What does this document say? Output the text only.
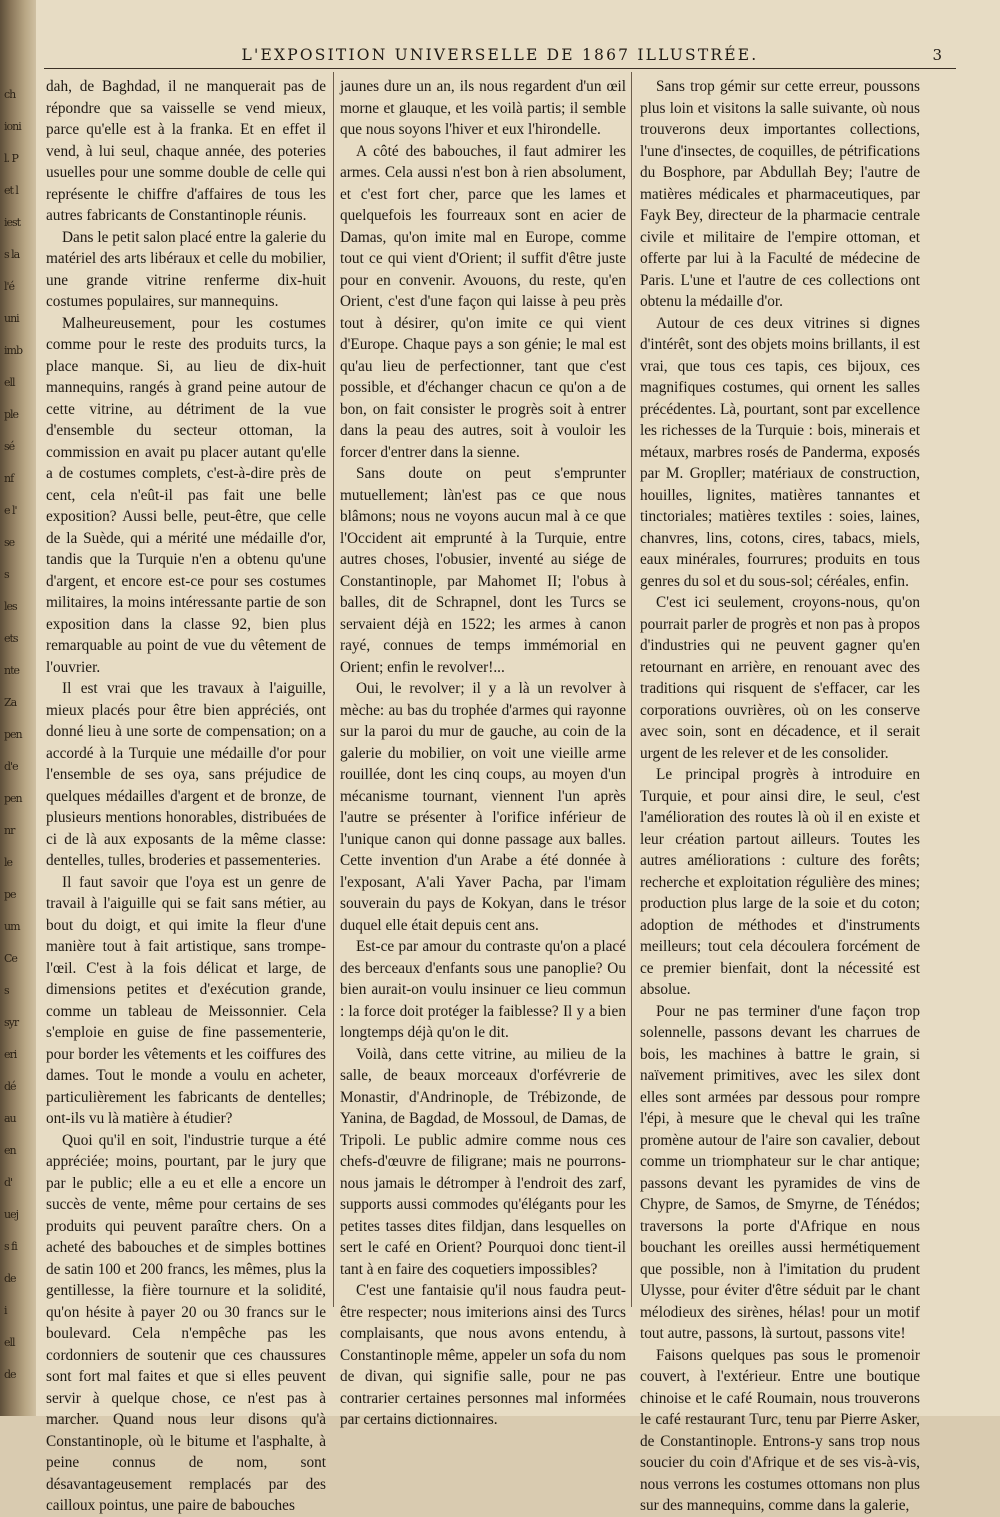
ch
ioni
l. P
et l
iest
s la
l'é
uni
imb
ell
ple
sé
nf
e l'
se
s
les
ets
nte
Za
pen
d'e
pen
nr
le
pe
um
Ce
s
syr
eri
dé
au
en
d'
uej
s fi
de
i
ell
de
L'EXPOSITION UNIVERSELLE DE 1867 ILLUSTRÉE.	3

dah, de Baghdad, il ne manquerait pas de répondre que sa vaisselle se vend mieux, parce qu'elle est à la franka. Et en effet il vend, à lui seul, chaque année, des poteries usuelles pour une somme double de celle qui représente le chiffre d'affaires de tous les autres fabricants de Constantinople réunis.

Dans le petit salon placé entre la galerie du matériel des arts libéraux et celle du mobilier, une grande vitrine renferme dix-huit costumes populaires, sur mannequins.

Malheureusement, pour les costumes comme pour le reste des produits turcs, la place manque. Si, au lieu de dix-huit mannequins, rangés à grand peine autour de cette vitrine, au détriment de la vue d'ensemble du secteur ottoman, la commission en avait pu placer autant qu'elle a de costumes complets, c'est-à-dire près de cent, cela n'eût-il pas fait une belle exposition? Aussi belle, peut-être, que celle de la Suède, qui a mérité une médaille d'or, tandis que la Turquie n'en a obtenu qu'une d'argent, et encore est-ce pour ses costumes militaires, la moins intéressante partie de son exposition dans la classe 92, bien plus remarquable au point de vue du vêtement de l'ouvrier.

Il est vrai que les travaux à l'aiguille, mieux placés pour être bien appréciés, ont donné lieu à une sorte de compensation; on a accordé à la Turquie une médaille d'or pour l'ensemble de ses oya, sans préjudice de quelques médailles d'argent et de bronze, de plusieurs mentions honorables, distribuées de ci de là aux exposants de la même classe: dentelles, tulles, broderies et passementeries.

Il faut savoir que l'oya est un genre de travail à l'aiguille qui se fait sans métier, au bout du doigt, et qui imite la fleur d'une manière tout à fait artistique, sans trompe-l'œil. C'est à la fois délicat et large, de dimensions petites et d'exécution grande, comme un tableau de Meissonnier. Cela s'emploie en guise de fine passementerie, pour border les vêtements et les coiffures des dames. Tout le monde a voulu en acheter, particulièrement les fabricants de dentelles; ont-ils vu là matière à étudier?

Quoi qu'il en soit, l'industrie turque a été appréciée; moins, pourtant, par le jury que par le public; elle a eu et elle a encore un succès de vente, même pour certains de ses produits qui peuvent paraître chers. On a acheté des babouches et de simples bottines de satin 100 et 200 francs, les mêmes, plus la gentillesse, la fière tournure et la solidité, qu'on hésite à payer 20 ou 30 francs sur le boulevard. Cela n'empêche pas les cordonniers de soutenir que ces chaussures sont fort mal faites et que si elles peuvent servir à quelque chose, ce n'est pas à marcher. Quand nous leur disons qu'à Constantinople, où le bitume et l'asphalte, à peine connus de nom, sont désavantageusement remplacés par des cailloux pointus, une paire de babouches

jaunes dure un an, ils nous regardent d'un œil morne et glauque, et les voilà partis; il semble que nous soyons l'hiver et eux l'hirondelle.

A côté des babouches, il faut admirer les armes. Cela aussi n'est bon à rien absolument, et c'est fort cher, parce que les lames et quelquefois les fourreaux sont en acier de Damas, qu'on imite mal en Europe, comme tout ce qui vient d'Orient; il suffit d'être juste pour en convenir. Avouons, du reste, qu'en Orient, c'est d'une façon qui laisse à peu près tout à désirer, qu'on imite ce qui vient d'Europe. Chaque pays a son génie; le mal est qu'au lieu de perfectionner, tant que c'est possible, et d'échanger chacun ce qu'on a de bon, on fait consister le progrès soit à entrer dans la peau des autres, soit à vouloir les forcer d'entrer dans la sienne.

Sans doute on peut s'emprunter mutuellement; làn'est pas ce que nous blâmons; nous ne voyons aucun mal à ce que l'Occident ait emprunté à la Turquie, entre autres choses, l'obusier, inventé au siége de Constantinople, par Mahomet II; l'obus à balles, dit de Schrapnel, dont les Turcs se servaient déjà en 1522; les armes à canon rayé, connues de temps immémorial en Orient; enfin le revolver!...

Oui, le revolver; il y a là un revolver à mèche: au bas du trophée d'armes qui rayonne sur la paroi du mur de gauche, au coin de la galerie du mobilier, on voit une vieille arme rouillée, dont les cinq coups, au moyen d'un mécanisme tournant, viennent l'un après l'autre se présenter à l'orifice inférieur de l'unique canon qui donne passage aux balles. Cette invention d'un Arabe a été donnée à l'exposant, A'ali Yaver Pacha, par l'imam souverain du pays de Kokyan, dans le trésor duquel elle était depuis cent ans.

Est-ce par amour du contraste qu'on a placé des berceaux d'enfants sous une panoplie? Ou bien aurait-on voulu insinuer ce lieu commun : la force doit protéger la faiblesse? Il y a bien longtemps déjà qu'on le dit.

Voilà, dans cette vitrine, au milieu de la salle, de beaux morceaux d'orfévrerie de Monastir, d'Andrinople, de Trébizonde, de Yanina, de Bagdad, de Mossoul, de Damas, de Tripoli. Le public admire comme nous ces chefs-d'œuvre de filigrane; mais ne pourrons-nous jamais le détromper à l'endroit des zarf, supports aussi commodes qu'élégants pour les petites tasses dites fildjan, dans lesquelles on sert le café en Orient? Pourquoi donc tient-il tant à en faire des coquetiers impossibles?

C'est une fantaisie qu'il nous faudra peut-être respecter; nous imiterions ainsi des Turcs complaisants, que nous avons entendu, à Constantinople même, appeler un sofa du nom de divan, qui signifie salle, pour ne pas contrarier certaines personnes mal informées par certains dictionnaires.

Sans trop gémir sur cette erreur, poussons plus loin et visitons la salle suivante, où nous trouverons deux importantes collections, l'une d'insectes, de coquilles, de pétrifications du Bosphore, par Abdullah Bey; l'autre de matières médicales et pharmaceutiques, par Fayk Bey, directeur de la pharmacie centrale civile et militaire de l'empire ottoman, et offerte par lui à la Faculté de médecine de Paris. L'une et l'autre de ces collections ont obtenu la médaille d'or.

Autour de ces deux vitrines si dignes d'intérêt, sont des objets moins brillants, il est vrai, que tous ces tapis, ces bijoux, ces magnifiques costumes, qui ornent les salles précédentes. Là, pourtant, sont par excellence les richesses de la Turquie : bois, minerais et métaux, marbres rosés de Panderma, exposés par M. Gropller; matériaux de construction, houilles, lignites, matières tannantes et tinctoriales; matières textiles : soies, laines, chanvres, lins, cotons, cires, tabacs, miels, eaux minérales, fourrures; produits en tous genres du sol et du sous-sol; céréales, enfin.

C'est ici seulement, croyons-nous, qu'on pourrait parler de progrès et non pas à propos d'industries qui ne peuvent gagner qu'en retournant en arrière, en renouant avec des traditions qui risquent de s'effacer, car les corporations ouvrières, où on les conserve avec soin, sont en décadence, et il serait urgent de les relever et de les consolider.

Le principal progrès à introduire en Turquie, et pour ainsi dire, le seul, c'est l'amélioration des routes là où il en existe et leur création partout ailleurs. Toutes les autres améliorations : culture des forêts; recherche et exploitation régulière des mines; production plus large de la soie et du coton; adoption de méthodes et d'instruments meilleurs; tout cela découlera forcément de ce premier bienfait, dont la nécessité est absolue.

Pour ne pas terminer d'une façon trop solennelle, passons devant les charrues de bois, les machines à battre le grain, si naïvement primitives, avec les silex dont elles sont armées par dessous pour rompre l'épi, à mesure que le cheval qui les traîne promène autour de l'aire son cavalier, debout comme un triomphateur sur le char antique; passons devant les pyramides de vins de Chypre, de Samos, de Smyrne, de Ténédos; traversons la porte d'Afrique en nous bouchant les oreilles aussi hermétiquement que possible, non à l'imitation du prudent Ulysse, pour éviter d'être séduit par le chant mélodieux des sirènes, hélas! pour un motif tout autre, passons, là surtout, passons vite!

Faisons quelques pas sous le promenoir couvert, à l'extérieur. Entre une boutique chinoise et le café Roumain, nous trouverons le café restaurant Turc, tenu par Pierre Asker, de Constantinople. Entrons-y sans trop nous soucier du coin d'Afrique et de ses vis-à-vis, nous verrons les costumes ottomans non plus sur des mannequins, comme dans la galerie,
